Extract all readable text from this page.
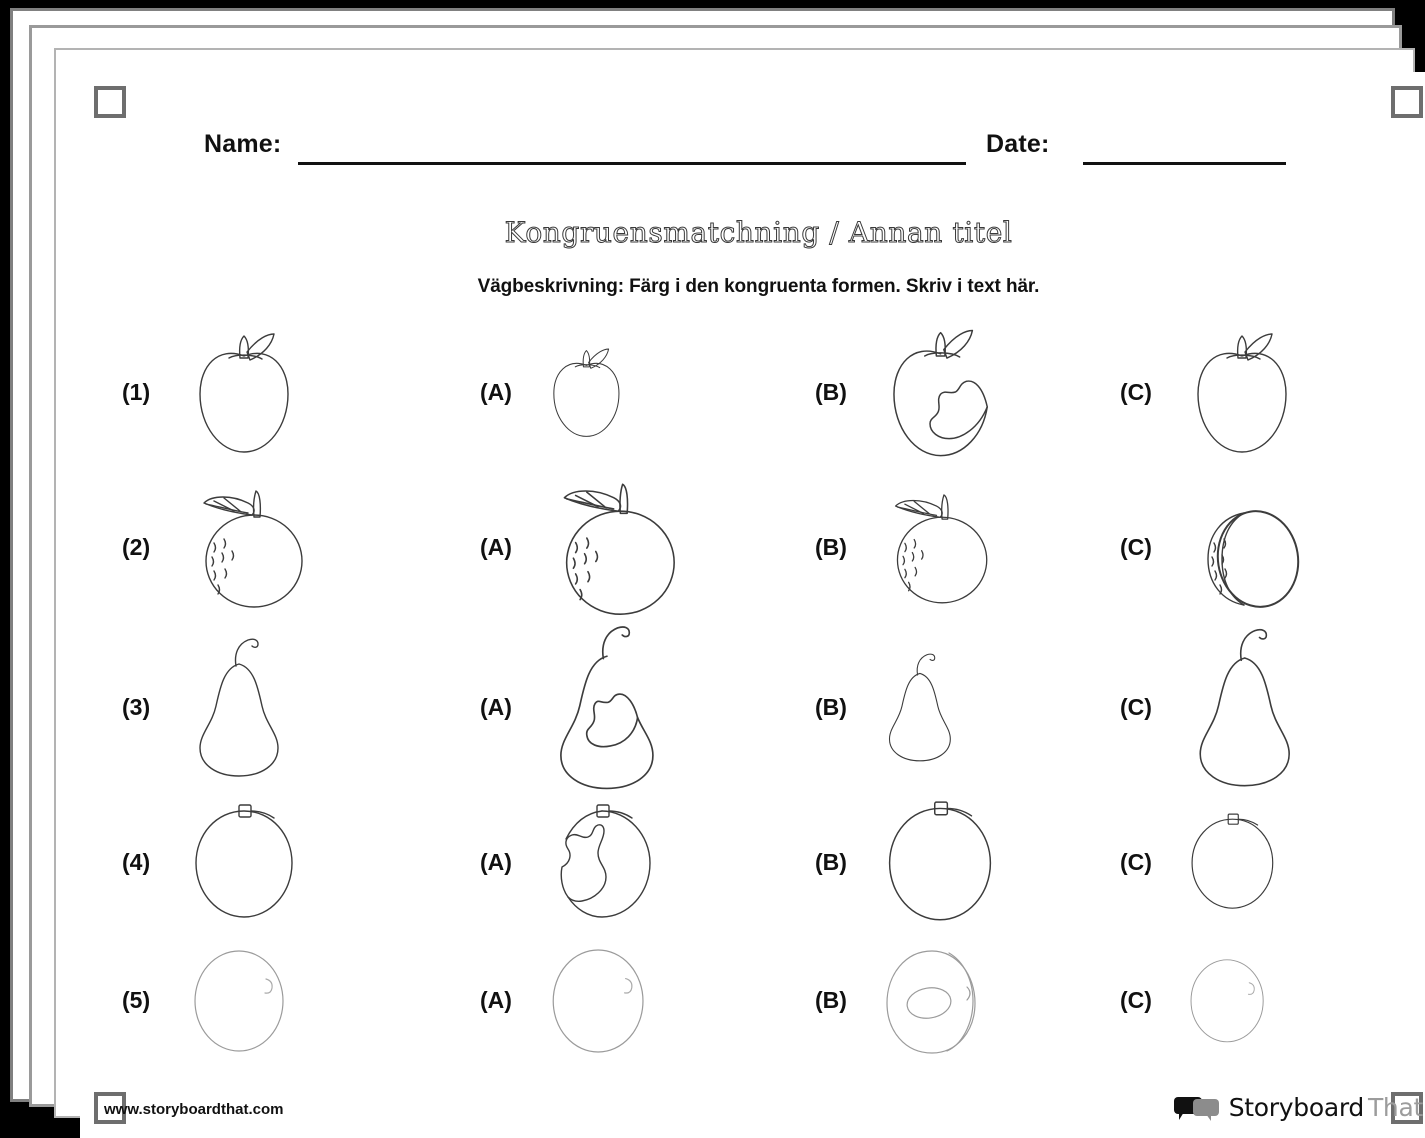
Name:	Date:
Kongruensmatchning / Annan titel
Vägbeskrivning: Färg i den kongruenta formen. Skriv i text här.
(1)	(A)	(B)	(C)
(2)	(A)	(B)	(C)
(3)	(A)	(B)	(C)
(4)	(A)	(B)	(C)
(5)	(A)	(B)	(C)
www.storyboardthat.com	Storyboard That
